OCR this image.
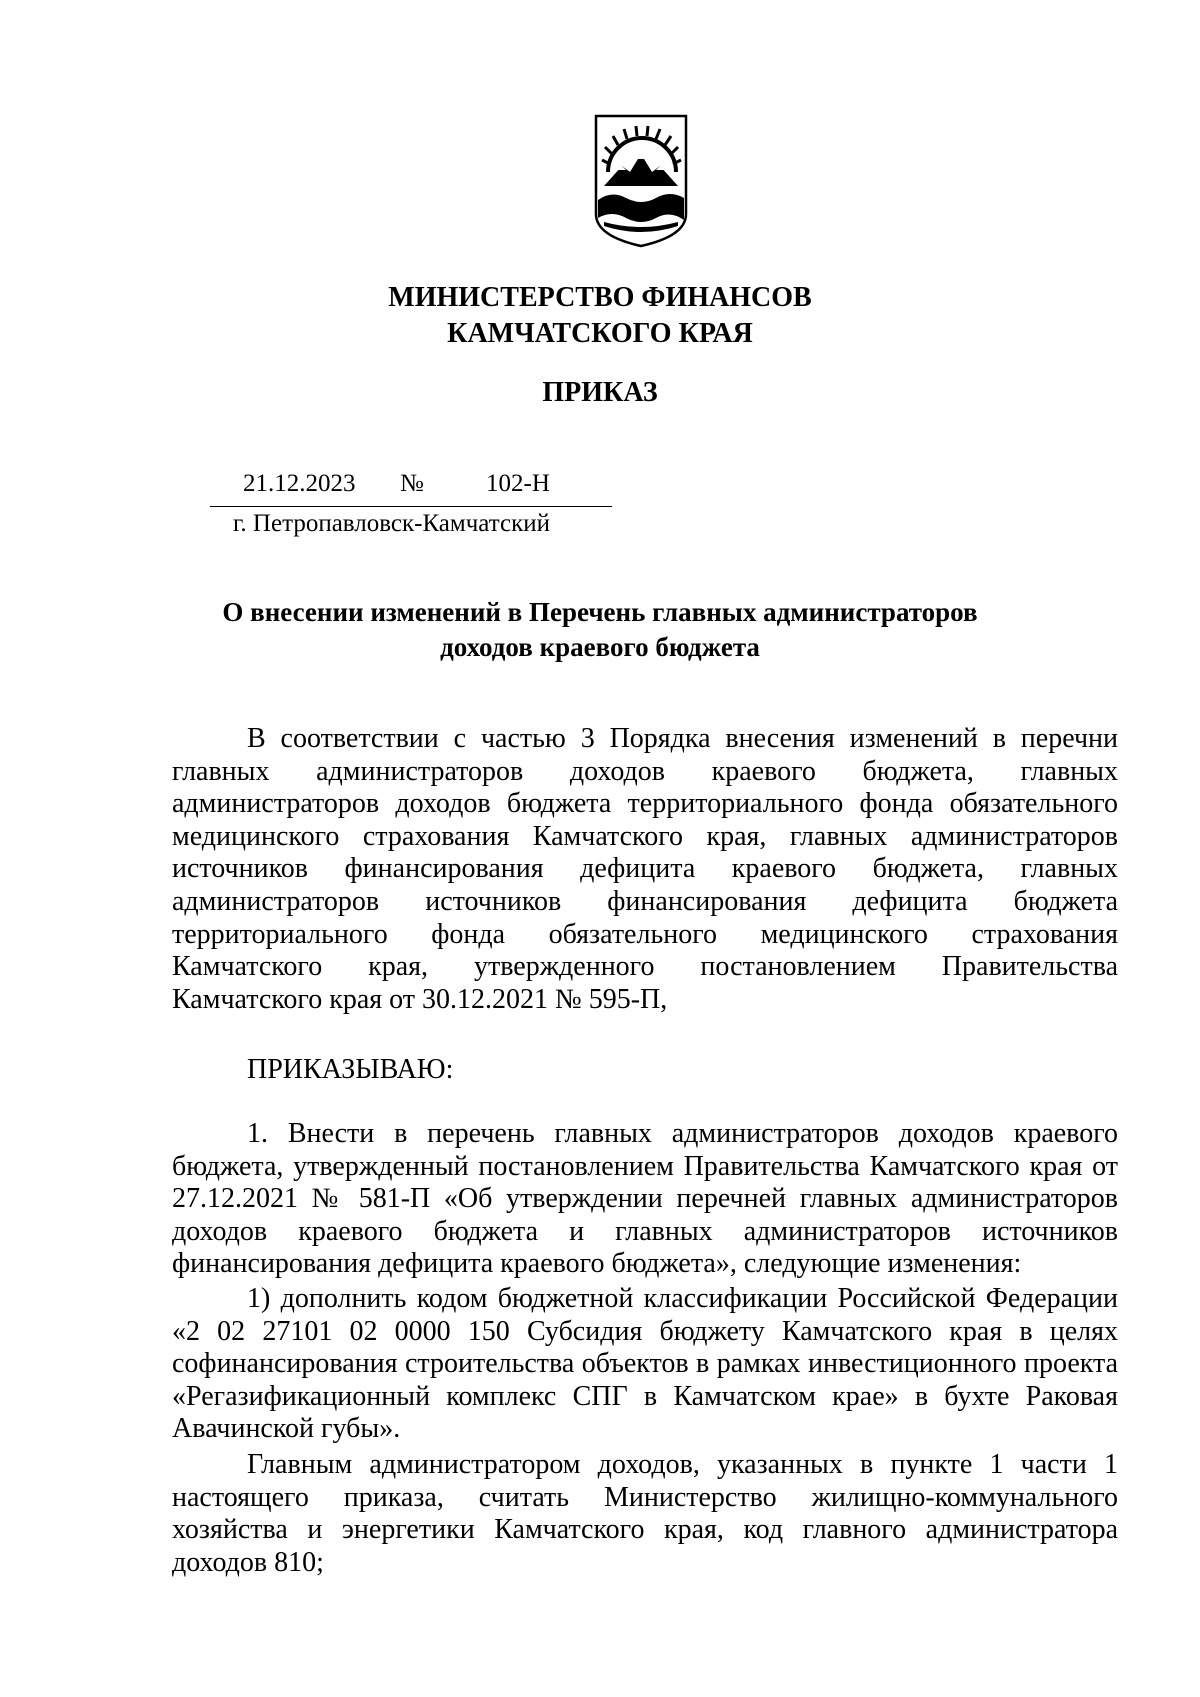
МИНИСТЕРСТВО ФИНАНСОВ
КАМЧАТСКОГО КРАЯ
ПРИКАЗ
21.12.2023 № 102-Н
г. Петропавловск-Камчатский
О внесении изменений в Перечень главных администраторов
доходов краевого бюджета

В соответствии с частью 3 Порядка внесения изменений в перечни главных администраторов доходов краевого бюджета, главных администраторов доходов бюджета территориального фонда обязательного медицинского страхования Камчатского края, главных администраторов источников финансирования дефицита краевого бюджета, главных администраторов источников финансирования дефицита бюджета территориального фонда обязательного медицинского страхования Камчатского края, утвержденного постановлением Правительства Камчатского края от 30.12.2021 № 595-П,

ПРИКАЗЫВАЮ:

1. Внести в перечень главных администраторов доходов краевого бюджета, утвержденный постановлением Правительства Камчатского края от 27.12.2021 № 581-П «Об утверждении перечней главных администраторов доходов краевого бюджета и главных администраторов источников финансирования дефицита краевого бюджета», следующие изменения:

1) дополнить кодом бюджетной классификации Российской Федерации «2 02 27101 02 0000 150 Субсидия бюджету Камчатского края в целях софинансирования строительства объектов в рамках инвестиционного проекта «Регазификационный комплекс СПГ в Камчатском крае» в бухте Раковая Авачинской губы».

Главным администратором доходов, указанных в пункте 1 части 1 настоящего приказа, считать Министерство жилищно-коммунального хозяйства и энергетики Камчатского края, код главного администратора доходов 810;
